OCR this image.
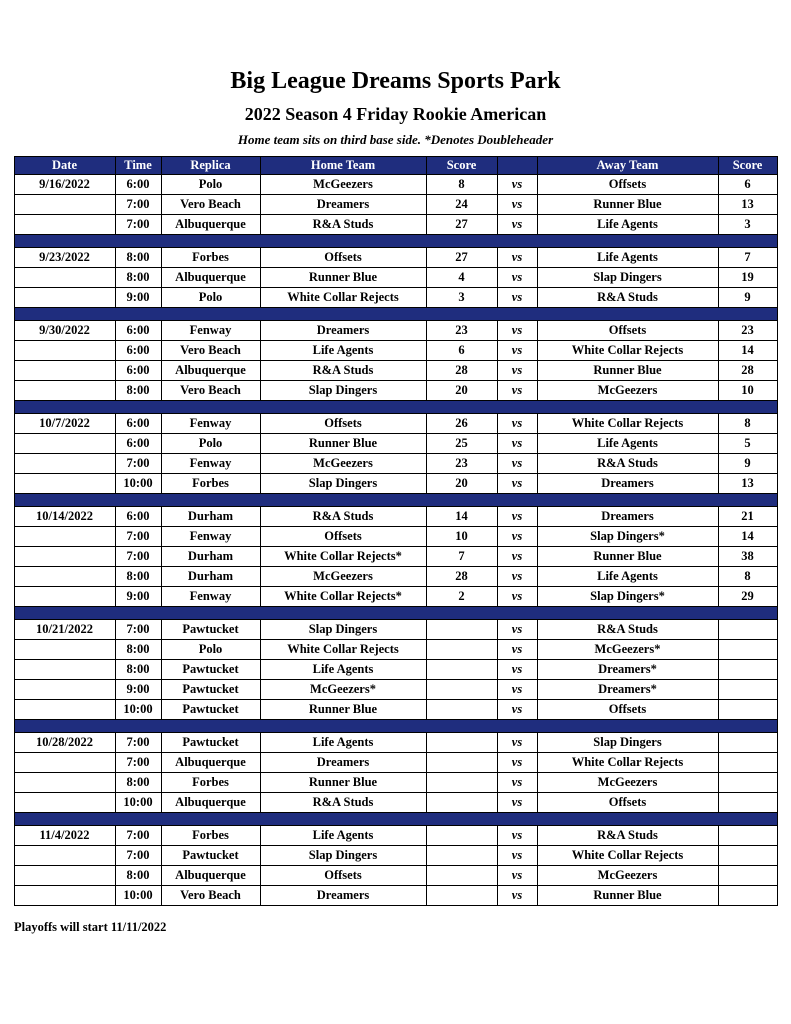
Big League Dreams Sports Park
2022 Season 4 Friday Rookie American
Home team sits on third base side. *Denotes Doubleheader
Date	Time	Replica	Home Team	Score		Away Team	Score
9/16/2022	6:00	Polo	McGeezers	8	vs	Offsets	6
	7:00	Vero Beach	Dreamers	24	vs	Runner Blue	13
	7:00	Albuquerque	R&A Studs	27	vs	Life Agents	3

9/23/2022	8:00	Forbes	Offsets	27	vs	Life Agents	7
	8:00	Albuquerque	Runner Blue	4	vs	Slap Dingers	19
	9:00	Polo	White Collar Rejects	3	vs	R&A Studs	9

9/30/2022	6:00	Fenway	Dreamers	23	vs	Offsets	23
	6:00	Vero Beach	Life Agents	6	vs	White Collar Rejects	14
	6:00	Albuquerque	R&A Studs	28	vs	Runner Blue	28
	8:00	Vero Beach	Slap Dingers	20	vs	McGeezers	10

10/7/2022	6:00	Fenway	Offsets	26	vs	White Collar Rejects	8
	6:00	Polo	Runner Blue	25	vs	Life Agents	5
	7:00	Fenway	McGeezers	23	vs	R&A Studs	9
	10:00	Forbes	Slap Dingers	20	vs	Dreamers	13

10/14/2022	6:00	Durham	R&A Studs	14	vs	Dreamers	21
	7:00	Fenway	Offsets	10	vs	Slap Dingers*	14
	7:00	Durham	White Collar Rejects*	7	vs	Runner Blue	38
	8:00	Durham	McGeezers	28	vs	Life Agents	8
	9:00	Fenway	White Collar Rejects*	2	vs	Slap Dingers*	29

10/21/2022	7:00	Pawtucket	Slap Dingers		vs	R&A Studs	
	8:00	Polo	White Collar Rejects		vs	McGeezers*	
	8:00	Pawtucket	Life Agents		vs	Dreamers*	
	9:00	Pawtucket	McGeezers*		vs	Dreamers*	
	10:00	Pawtucket	Runner Blue		vs	Offsets	

10/28/2022	7:00	Pawtucket	Life Agents		vs	Slap Dingers	
	7:00	Albuquerque	Dreamers		vs	White Collar Rejects	
	8:00	Forbes	Runner Blue		vs	McGeezers	
	10:00	Albuquerque	R&A Studs		vs	Offsets	

11/4/2022	7:00	Forbes	Life Agents		vs	R&A Studs	
	7:00	Pawtucket	Slap Dingers		vs	White Collar Rejects	
	8:00	Albuquerque	Offsets		vs	McGeezers	
	10:00	Vero Beach	Dreamers		vs	Runner Blue	
Playoffs will start 11/11/2022
